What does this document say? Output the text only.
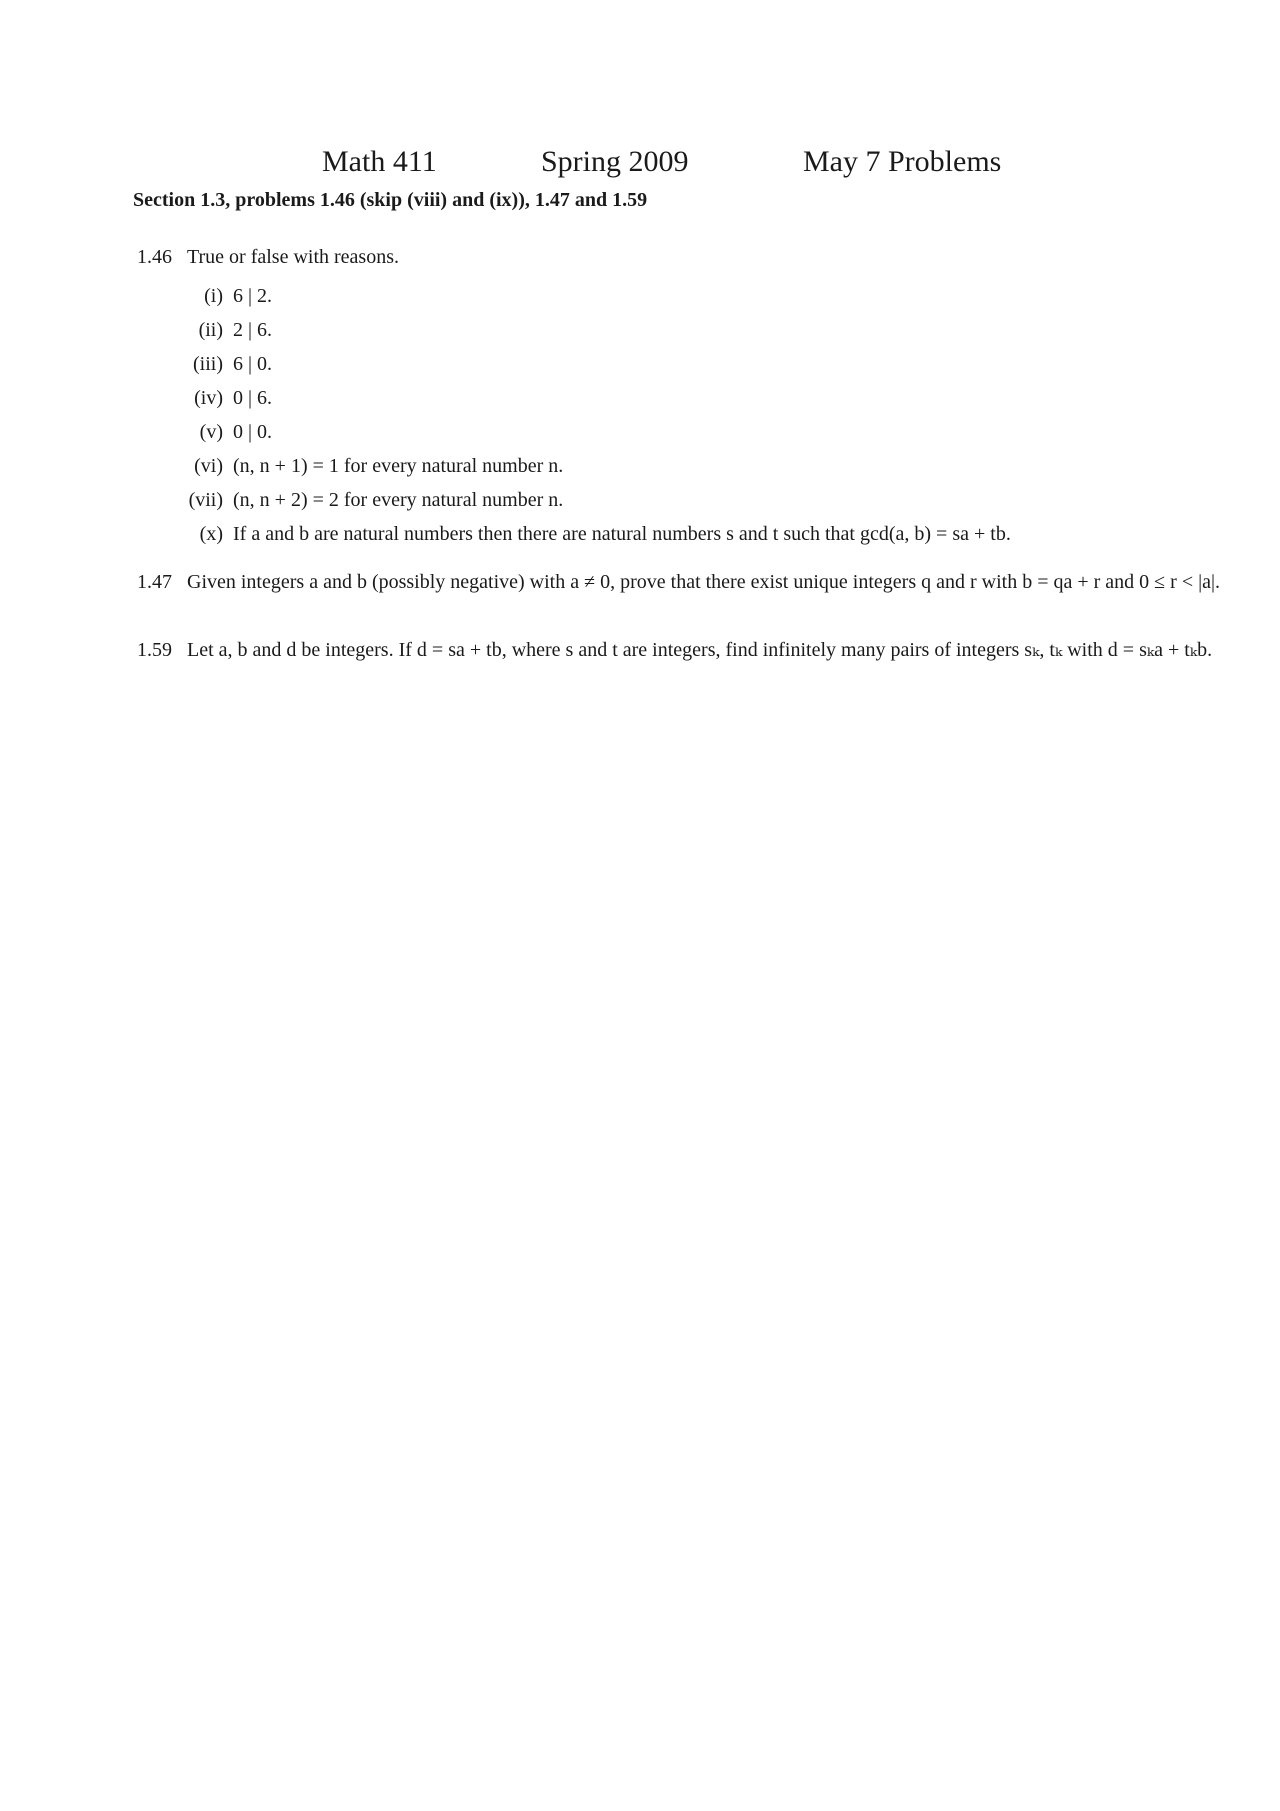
Math 411	Spring 2009	May 7 Problems
Section 1.3, problems 1.46 (skip (viii) and (ix)), 1.47 and 1.59
1.46 True or false with reasons.
(i) 6 | 2.
(ii) 2 | 6.
(iii) 6 | 0.
(iv) 0 | 6.
(v) 0 | 0.
(vi) (n, n + 1) = 1 for every natural number n.
(vii) (n, n + 2) = 2 for every natural number n.
(x) If a and b are natural numbers then there are natural numbers s and t such that gcd(a, b) = sa + tb.
1.47 Given integers a and b (possibly negative) with a ≠ 0, prove that there exist unique integers q and r with b = qa + r and 0 ≤ r < |a|.
1.59 Let a, b and d be integers. If d = sa + tb, where s and t are integers, find infinitely many pairs of integers sₖ, tₖ with d = sₖa + tₖb.
